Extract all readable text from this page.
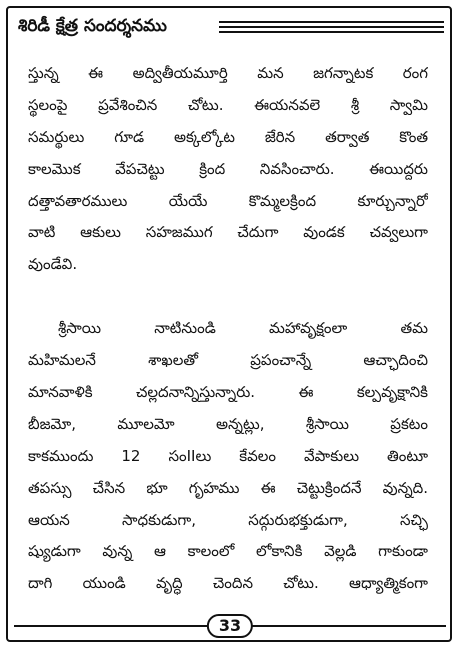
శిరిడీ క్షేత్ర సందర్శనము
స్తున్న ఈ అద్వితీయమూర్తి మన జగన్నాటక రంగ
స్థలంపై ప్రవేశించిన చోటు. ఈయనవలె శ్రీ స్వామి
సమర్థులు గూడ అక్కల్కోట జేరిన తర్వాత కొంత
కాలమొక వేపచెట్టు క్రింద నివసించారు. ఈయిద్దరు
దత్తావతారములు యేయే కొమ్మలక్రింద కూర్చున్నారో
వాటి ఆకులు సహజముగ చేదుగా వుండక చవ్వలుగా
వుండేవి.
శ్రీసాయి నాటినుండి మహావృక్షంలా తమ
మహిమలనే శాఖలతో ప్రపంచాన్నే ఆచ్ఛాదించి
మానవాళికి చల్లదనాన్నిస్తున్నారు. ఈ కల్పవృక్షానికి
బీజమో, మూలమో అన్నట్లు, శ్రీసాయి ప్రకటం
కాకముందు 12 సంIIలు కేవలం వేపాకులు తింటూ
తపస్సు చేసిన భూ గృహము ఈ చెట్టుక్రిందనే వున్నది.
ఆయన సాధకుడుగా, సద్గురుభక్తుడుగా, సచ్ఛి
ష్యుడుగా వున్న ఆ కాలంలో లోకానికి వెల్లడి గాకుండా
దాగి యుండి వృద్ధి చెందిన చోటు. ఆధ్యాత్మికంగా
33
